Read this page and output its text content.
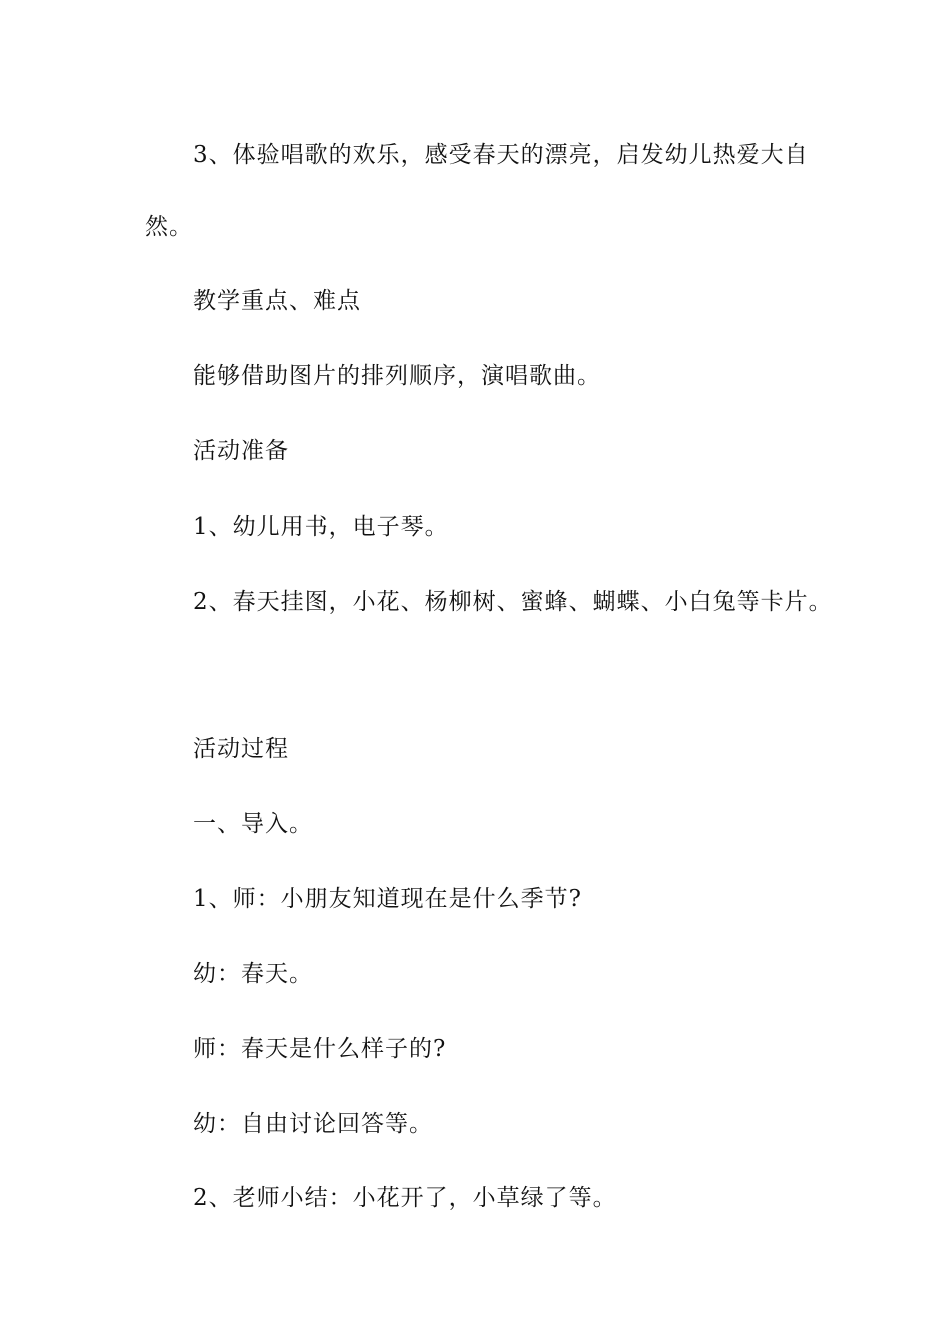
3、体验唱歌的欢乐，感受春天的漂亮，启发幼儿热爱大自
然。
教学重点、难点
能够借助图片的排列顺序，演唱歌曲。
活动准备
1、幼儿用书，电子琴。
2、春天挂图，小花、杨柳树、蜜蜂、蝴蝶、小白兔等卡片。
活动过程
一、导入。
1、师：小朋友知道现在是什么季节?
幼：春天。
师：春天是什么样子的?
幼：自由讨论回答等。
2、老师小结：小花开了，小草绿了等。
